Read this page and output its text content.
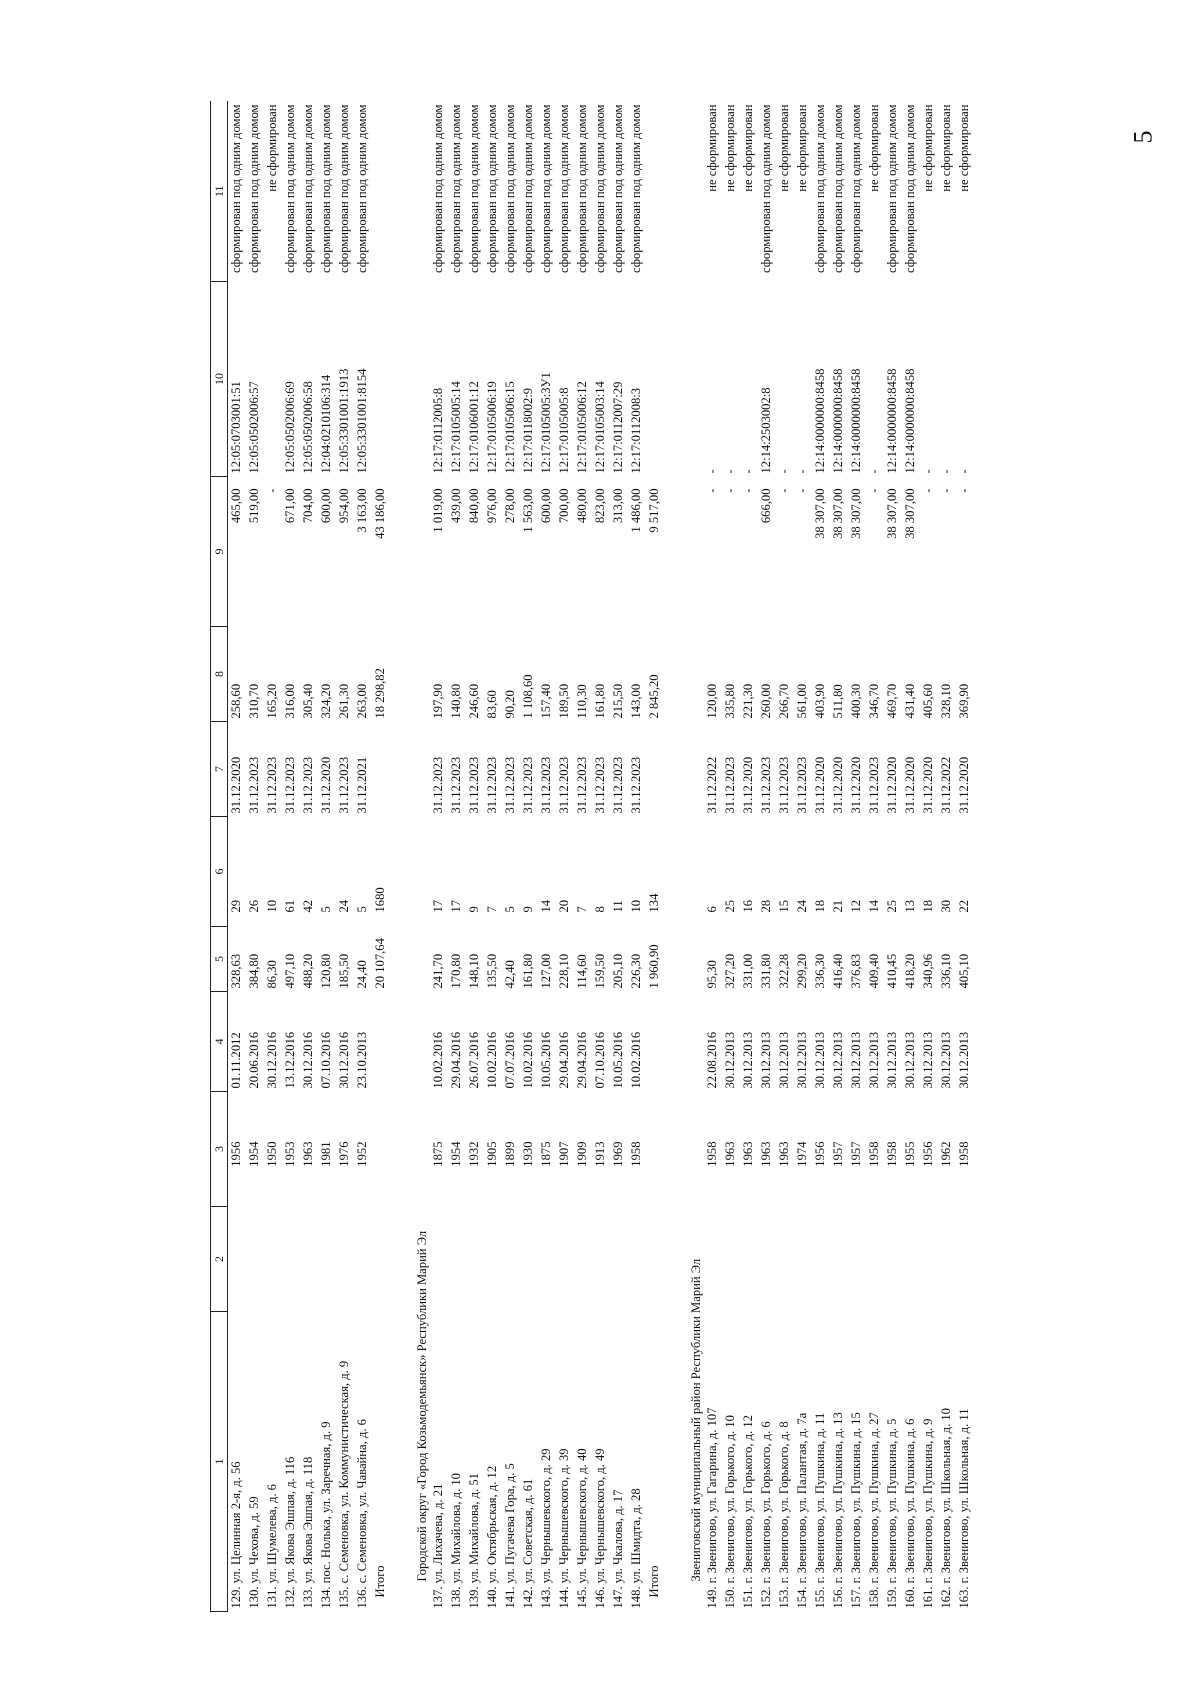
5
1	2	3	4	5	6	7	8	9	10	11
129. ул. Целинная 2-я, д. 56		1956	01.11.2012	328,63	29	31.12.2020	258,60	465,00	12:05:0703001:51	сформирован под одним домом
130. ул. Чехова, д. 59		1954	20.06.2016	384,80	26	31.12.2023	310,70	519,00	12:05:0502006:57	сформирован под одним домом
131. ул. Шумелева, д. 6		1950	30.12.2016	86,30	10	31.12.2023	165,20	-		не сформирован
132. ул. Якова Эшпая, д. 116		1953	13.12.2016	497,10	61	31.12.2023	316,00	671,00	12:05:0502006:69	сформирован под одним домом
133. ул. Якова Эшпая, д. 118		1963	30.12.2016	488,20	42	31.12.2023	305,40	704,00	12:05:0502006:58	сформирован под одним домом
134. пос. Нолька, ул. Заречная, д. 9		1981	07.10.2016	120,80	5	31.12.2020	324,20	600,00	12:04:0210106:314	сформирован под одним домом
135. с. Семеновка, ул. Коммунистическая, д. 9		1976	30.12.2016	185,50	24	31.12.2023	261,30	954,00	12:05:3301001:1913	сформирован под одним домом
136. с. Семеновка, ул. Чавайна, д. 6		1952	23.10.2013	24,40	5	31.12.2021	263,00	3 163,00	12:05:3301001:8154	сформирован под одним домом
Итого				20 107,64	1680		18 298,82	43 186,00		

Городской округ «Город Козьмодемьянск» Республики Марий Эл										
137. ул. Лихачева, д. 21		1875	10.02.2016	241,70	17	31.12.2023	197,90	1 019,00	12:17:0112005:8	сформирован под одним домом
138. ул. Михайлова, д. 10		1954	29.04.2016	170,80	17	31.12.2023	140,80	439,00	12:17:0105005:14	сформирован под одним домом
139. ул. Михайлова, д. 51		1932	26.07.2016	148,10	9	31.12.2023	246,60	840,00	12:17:0106001:12	сформирован под одним домом
140. ул. Октябрьская, д. 12		1905	10.02.2016	135,50	7	31.12.2023	83,60	976,00	12:17:0105006:19	сформирован под одним домом
141. ул. Пугачева Гора, д. 5		1899	07.07.2016	42,40	5	31.12.2023	90,20	278,00	12:17:0105006:15	сформирован под одним домом
142. ул. Советская, д. 61		1930	10.02.2016	161,80	9	31.12.2023	1 108,60	1 563,00	12:17:0118002:9	сформирован под одним домом
143. ул. Чернышевского, д. 29		1875	10.05.2016	127,00	14	31.12.2023	157,40	600,00	12:17:0105005:3У1	сформирован под одним домом
144. ул. Чернышевского, д. 39		1907	29.04.2016	228,10	20	31.12.2023	189,50	700,00	12:17:0105005:8	сформирован под одним домом
145. ул. Чернышевского, д. 40		1909	29.04.2016	114,60	7	31.12.2023	110,30	480,00	12:17:0105006:12	сформирован под одним домом
146. ул. Чернышевского, д. 49		1913	07.10.2016	159,50	8	31.12.2023	161,80	823,00	12:17:0105003:14	сформирован под одним домом
147. ул. Чкалова, д. 17		1969	10.05.2016	205,10	11	31.12.2023	215,50	313,00	12:17:0112007:29	сформирован под одним домом
148. ул. Шмидта, д. 28		1958	10.02.2016	226,30	10	31.12.2023	143,00	1 486,00	12:17:0112008:3	сформирован под одним домом
Итого				1 960,90	134		2 845,20	9 517,00		

Звениговский муниципальный район Республики Марий Эл										
149. г. Звенигово, ул. Гагарина, д. 107		1958	22.08.2016	95,30	6	31.12.2022	120,00	-	-	не сформирован
150. г. Звенигово, ул. Горького, д. 10		1963	30.12.2013	327,20	25	31.12.2023	335,80	-	-	не сформирован
151. г. Звенигово, ул. Горького, д. 12		1963	30.12.2013	331,00	16	31.12.2020	221,30	-	-	не сформирован
152. г. Звенигово, ул. Горького, д. 6		1963	30.12.2013	331,80	28	31.12.2023	260,00	666,00	12:14:2503002:8	сформирован под одним домом
153. г. Звенигово, ул. Горького, д. 8		1963	30.12.2013	322,28	15	31.12.2023	266,70	-	-	не сформирован
154. г. Звенигово, ул. Палантая, д. 7а		1974	30.12.2013	299,20	24	31.12.2023	561,00	-	-	не сформирован
155. г. Звенигово, ул. Пушкина, д. 11		1956	30.12.2013	336,30	18	31.12.2020	403,90	38 307,00	12:14:0000000:8458	сформирован под одним домом
156. г. Звенигово, ул. Пушкина, д. 13		1957	30.12.2013	416,40	21	31.12.2020	511,80	38 307,00	12:14:0000000:8458	сформирован под одним домом
157. г. Звенигово, ул. Пушкина, д. 15		1957	30.12.2013	376,83	12	31.12.2020	400,30	38 307,00	12:14:0000000:8458	сформирован под одним домом
158. г. Звенигово, ул. Пушкина, д. 27		1958	30.12.2013	409,40	14	31.12.2023	346,70	-	-	не сформирован
159. г. Звенигово, ул. Пушкина, д. 5		1958	30.12.2013	410,45	25	31.12.2020	469,70	38 307,00	12:14:0000000:8458	сформирован под одним домом
160. г. Звенигово, ул. Пушкина, д. 6		1955	30.12.2013	418,20	13	31.12.2020	431,40	38 307,00	12:14:0000000:8458	сформирован под одним домом
161. г. Звенигово, ул. Пушкина, д. 9		1956	30.12.2013	340,96	18	31.12.2020	405,60	-	-	не сформирован
162. г. Звенигово, ул. Школьная, д. 10		1962	30.12.2013	336,10	30	31.12.2022	328,10	-	-	не сформирован
163. г. Звенигово, ул. Школьная, д. 11		1958	30.12.2013	405,10	22	31.12.2020	369,90	-	-	не сформирован
